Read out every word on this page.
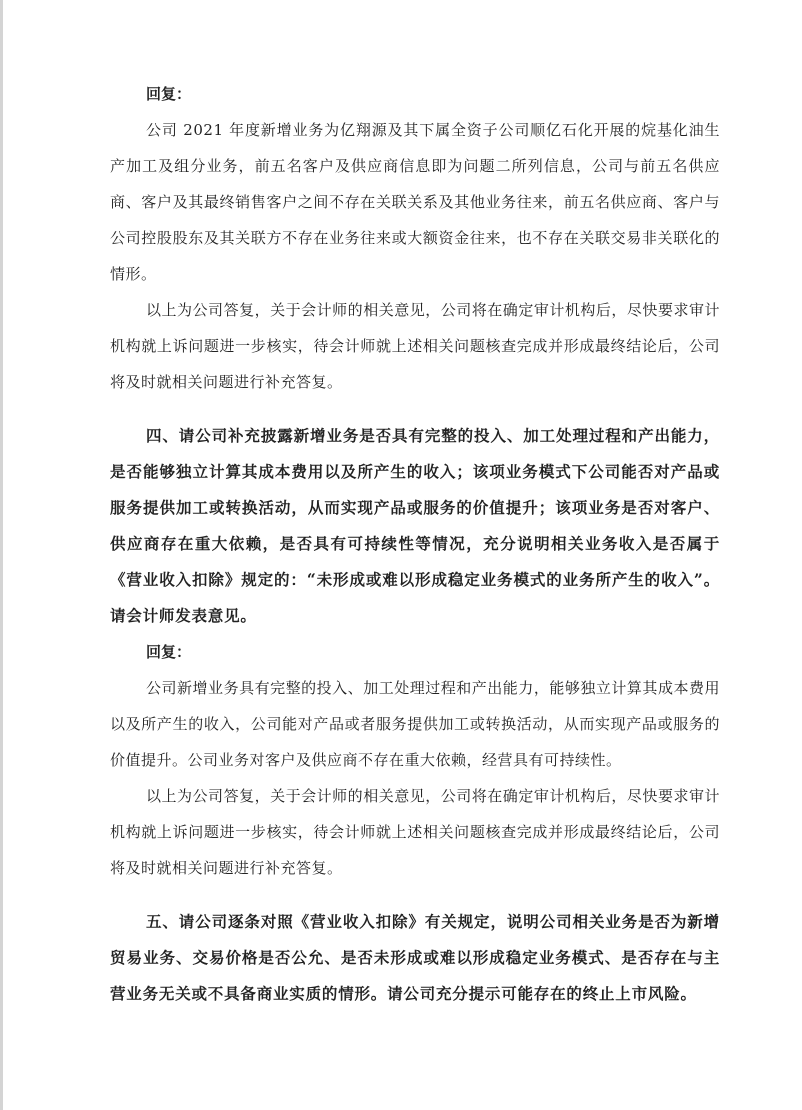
回复：

公司 2021 年度新增业务为亿翔源及其下属全资子公司顺亿石化开展的烷基化油生产加工及组分业务，前五名客户及供应商信息即为问题二所列信息，公司与前五名供应商、客户及其最终销售客户之间不存在关联关系及其他业务往来，前五名供应商、客户与公司控股股东及其关联方不存在业务往来或大额资金往来，也不存在关联交易非关联化的情形。

以上为公司答复，关于会计师的相关意见，公司将在确定审计机构后，尽快要求审计机构就上诉问题进一步核实，待会计师就上述相关问题核查完成并形成最终结论后，公司将及时就相关问题进行补充答复。

四、请公司补充披露新增业务是否具有完整的投入、加工处理过程和产出能力，是否能够独立计算其成本费用以及所产生的收入；该项业务模式下公司能否对产品或服务提供加工或转换活动，从而实现产品或服务的价值提升；该项业务是否对客户、供应商存在重大依赖，是否具有可持续性等情况，充分说明相关业务收入是否属于《营业收入扣除》规定的：“未形成或难以形成稳定业务模式的业务所产生的收入”。请会计师发表意见。

回复：

公司新增业务具有完整的投入、加工处理过程和产出能力，能够独立计算其成本费用以及所产生的收入，公司能对产品或者服务提供加工或转换活动，从而实现产品或服务的价值提升。公司业务对客户及供应商不存在重大依赖，经营具有可持续性。

以上为公司答复，关于会计师的相关意见，公司将在确定审计机构后，尽快要求审计机构就上诉问题进一步核实，待会计师就上述相关问题核查完成并形成最终结论后，公司将及时就相关问题进行补充答复。

五、请公司逐条对照《营业收入扣除》有关规定，说明公司相关业务是否为新增贸易业务、交易价格是否公允、是否未形成或难以形成稳定业务模式、是否存在与主营业务无关或不具备商业实质的情形。请公司充分提示可能存在的终止上市风险。
